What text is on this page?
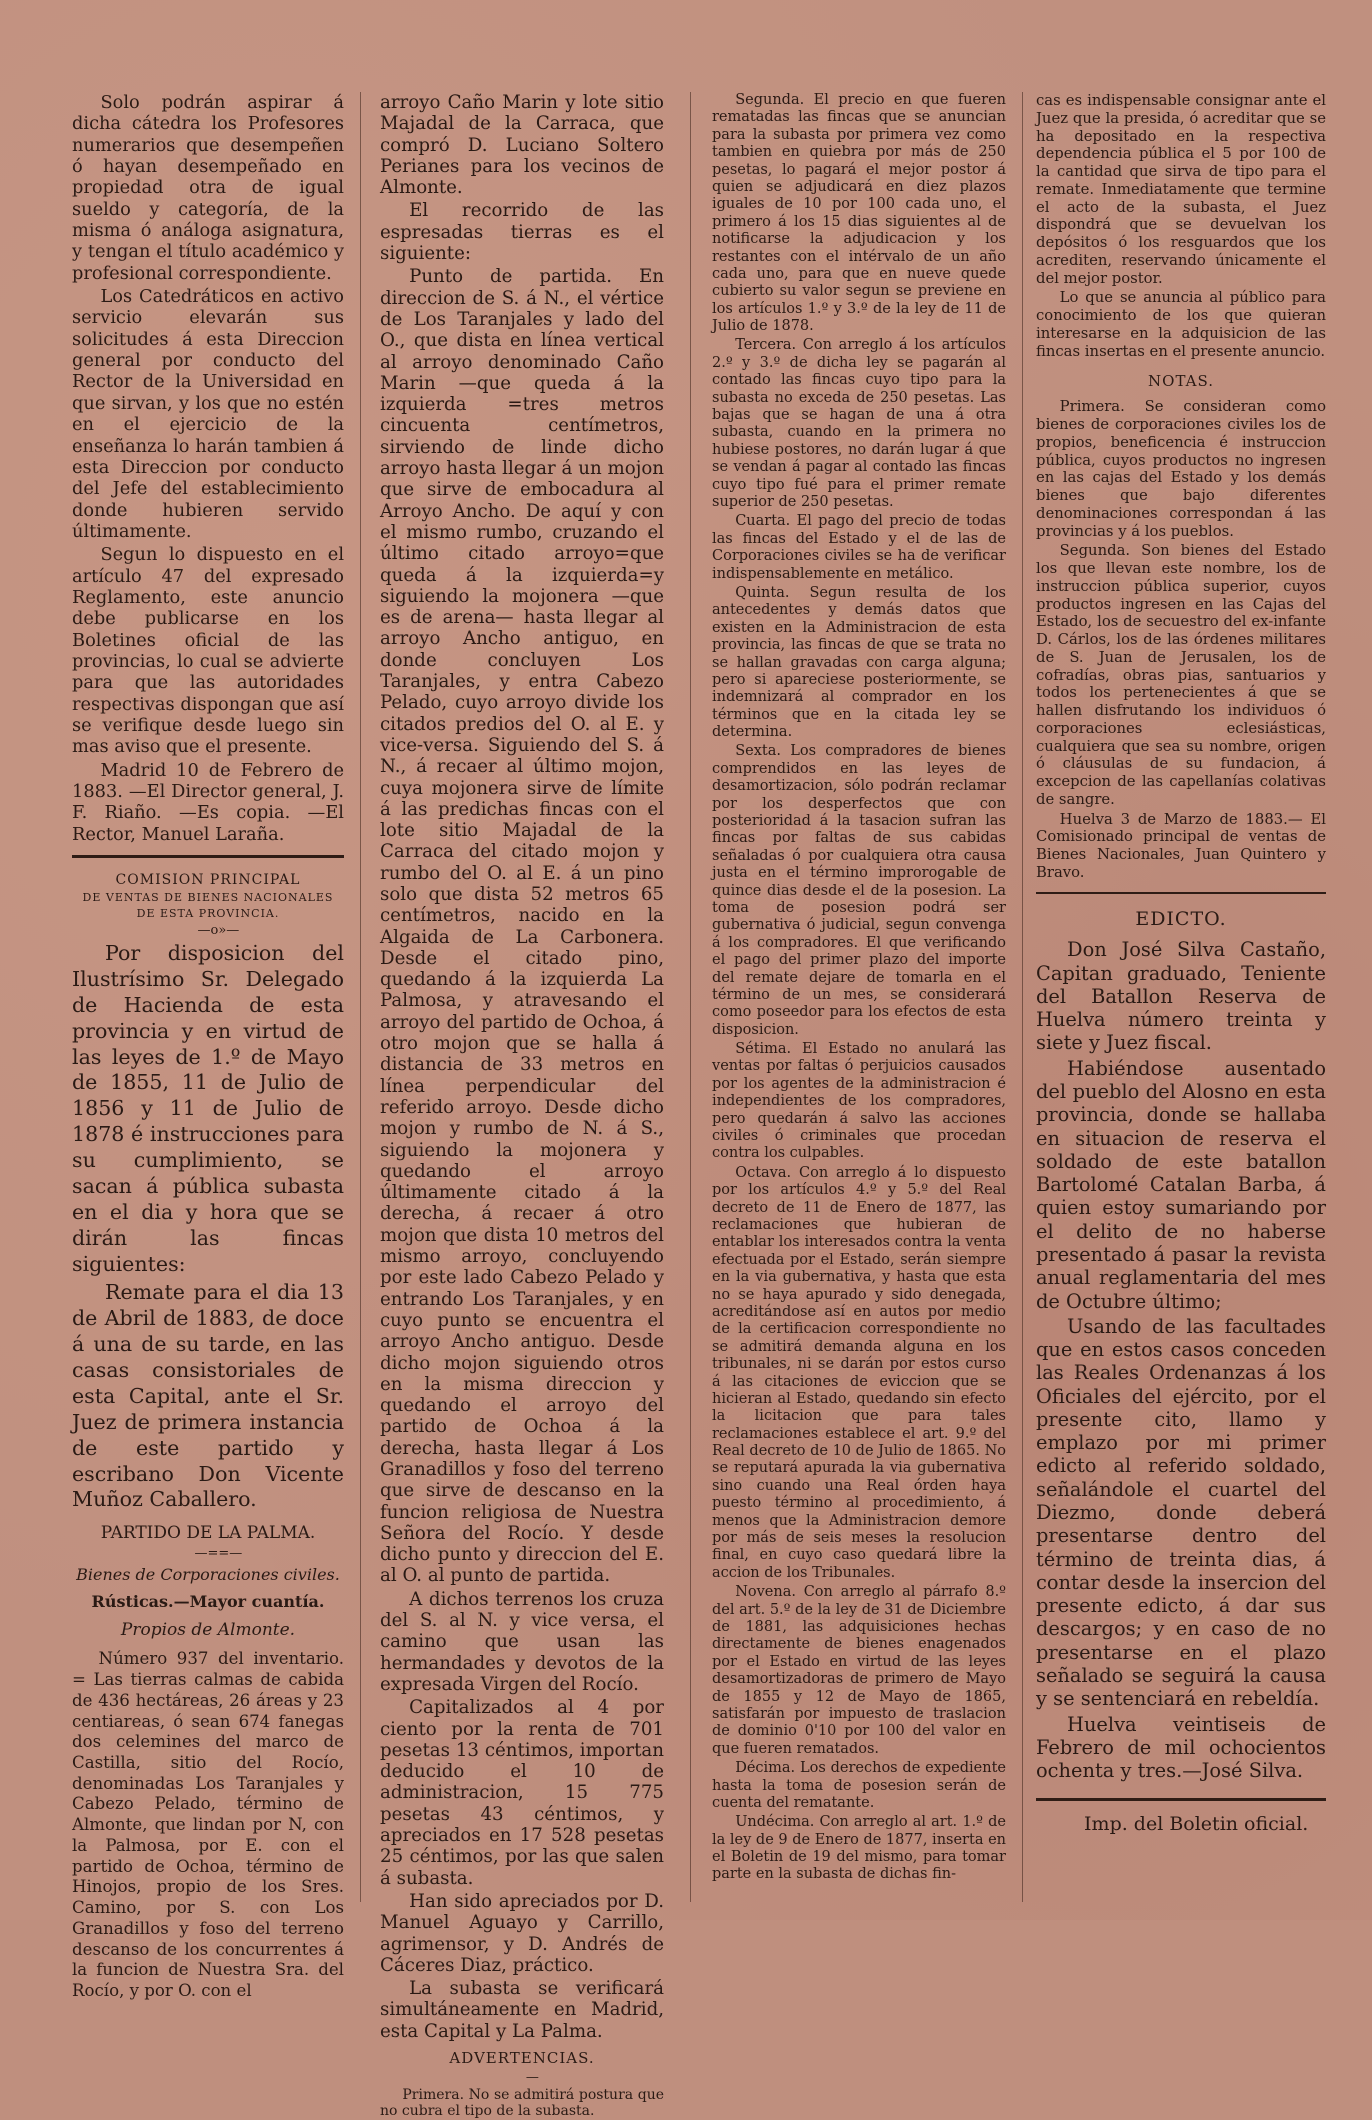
Solo podrán aspirar á dicha cátedra los Profesores numerarios que desempeñen ó hayan desempeñado en propiedad otra de igual sueldo y categoría, de la misma ó análoga asignatura, y tengan el título académico y profesional correspondiente.

Los Catedráticos en activo servicio elevarán sus solicitudes á esta Direccion general por conducto del Rector de la Universidad en que sirvan, y los que no estén en el ejercicio de la enseñanza lo harán tambien á esta Direccion por conducto del Jefe del establecimiento donde hubieren servido últimamente.

Segun lo dispuesto en el artículo 47 del expresado Reglamento, este anuncio debe publicarse en los Boletines oficial de las provincias, lo cual se advierte para que las autoridades respectivas dispongan que así se verifique desde luego sin mas aviso que el presente.

Madrid 10 de Febrero de 1883. —El Director general, J. F. Riaño. —Es copia. —El Rector, Manuel Laraña.

COMISION PRINCIPAL

DE VENTAS DE BIENES NACIONALES

DE ESTA PROVINCIA.

—o»—

Por disposicion del Ilustrísimo Sr. Delegado de Hacienda de esta provincia y en virtud de las leyes de 1.º de Mayo de 1855, 11 de Julio de 1856 y 11 de Julio de 1878 é instrucciones para su cumplimiento, se sacan á pública subasta en el dia y hora que se dirán las fincas siguientes:

Remate para el dia 13 de Abril de 1883, de doce á una de su tarde, en las casas consistoriales de esta Capital, ante el Sr. Juez de primera instancia de este partido y escribano Don Vicente Muñoz Caballero.

PARTIDO DE LA PALMA.

—==—

Bienes de Corporaciones civiles.

Rústicas.—Mayor cuantía.

Propios de Almonte.

Número 937 del inventario. = Las tierras calmas de cabida de 436 hectáreas, 26 áreas y 23 centiareas, ó sean 674 fanegas dos celemines del marco de Castilla, sitio del Rocío, denominadas Los Taranjales y Cabezo Pelado, término de Almonte, que lindan por N, con la Palmosa, por E. con el partido de Ochoa, término de Hinojos, propio de los Sres. Camino, por S. con Los Granadillos y foso del terreno descanso de los concurrentes á la funcion de Nuestra Sra. del Rocío, y por O. con el

arroyo Caño Marin y lote sitio Majadal de la Carraca, que compró D. Luciano Soltero Perianes para los vecinos de Almonte.

El recorrido de las espresadas tierras es el siguiente:

Punto de partida. En direccion de S. á N., el vértice de Los Taranjales y lado del O., que dista en línea vertical al arroyo denominado Caño Marin —que queda á la izquierda =tres metros cincuenta centímetros, sirviendo de linde dicho arroyo hasta llegar á un mojon que sirve de embocadura al Arroyo Ancho. De aquí y con el mismo rumbo, cruzando el último citado arroyo=que queda á la izquierda=y siguiendo la mojonera —que es de arena— hasta llegar al arroyo Ancho antiguo, en donde concluyen Los Taranjales, y entra Cabezo Pelado, cuyo arroyo divide los citados predios del O. al E. y vice-versa. Siguiendo del S. á N., á recaer al último mojon, cuya mojonera sirve de límite á las predichas fincas con el lote sitio Majadal de la Carraca del citado mojon y rumbo del O. al E. á un pino solo que dista 52 metros 65 centímetros, nacido en la Algaida de La Carbonera. Desde el citado pino, quedando á la izquierda La Palmosa, y atravesando el arroyo del partido de Ochoa, á otro mojon que se halla á distancia de 33 metros en línea perpendicular del referido arroyo. Desde dicho mojon y rumbo de N. á S., siguiendo la mojonera y quedando el arroyo últimamente citado á la derecha, á recaer á otro mojon que dista 10 metros del mismo arroyo, concluyendo por este lado Cabezo Pelado y entrando Los Taranjales, y en cuyo punto se encuentra el arroyo Ancho antiguo. Desde dicho mojon siguiendo otros en la misma direccion y quedando el arroyo del partido de Ochoa á la derecha, hasta llegar á Los Granadillos y foso del terreno que sirve de descanso en la funcion religiosa de Nuestra Señora del Rocío. Y desde dicho punto y direccion del E. al O. al punto de partida.

A dichos terrenos los cruza del S. al N. y vice versa, el camino que usan las hermandades y devotos de la expresada Virgen del Rocío.

Capitalizados al 4 por ciento por la renta de 701 pesetas 13 céntimos, importan deducido el 10 de administracion, 15 775 pesetas 43 céntimos, y apreciados en 17 528 pesetas 25 céntimos, por las que salen á subasta.

Han sido apreciados por D. Manuel Aguayo y Carrillo, agrimensor, y D. Andrés de Cáceres Diaz, práctico.

La subasta se verificará simultáneamente en Madrid, esta Capital y La Palma.

ADVERTENCIAS.

—

Primera. No se admitirá postura que no cubra el tipo de la subasta.

Segunda. El precio en que fueren rematadas las fincas que se anuncian para la subasta por primera vez como tambien en quiebra por más de 250 pesetas, lo pagará el mejor postor á quien se adjudicará en diez plazos iguales de 10 por 100 cada uno, el primero á los 15 dias siguientes al de notificarse la adjudicacion y los restantes con el intérvalo de un año cada uno, para que en nueve quede cubierto su valor segun se previene en los artículos 1.º y 3.º de la ley de 11 de Julio de 1878.

Tercera. Con arreglo á los artículos 2.º y 3.º de dicha ley se pagarán al contado las fincas cuyo tipo para la subasta no exceda de 250 pesetas. Las bajas que se hagan de una á otra subasta, cuando en la primera no hubiese postores, no darán lugar á que se vendan á pagar al contado las fincas cuyo tipo fué para el primer remate superior de 250 pesetas.

Cuarta. El pago del precio de todas las fincas del Estado y el de las de Corporaciones civiles se ha de verificar indispensablemente en metálico.

Quinta. Segun resulta de los antecedentes y demás datos que existen en la Administracion de esta provincia, las fincas de que se trata no se hallan gravadas con carga alguna; pero si apareciese posteriormente, se indemnizará al comprador en los términos que en la citada ley se determina.

Sexta. Los compradores de bienes comprendidos en las leyes de desamortizacion, sólo podrán reclamar por los desperfectos que con posterioridad á la tasacion sufran las fincas por faltas de sus cabidas señaladas ó por cualquiera otra causa justa en el término improrogable de quince dias desde el de la posesion. La toma de posesion podrá ser gubernativa ó judicial, segun convenga á los compradores. El que verificando el pago del primer plazo del importe del remate dejare de tomarla en el término de un mes, se considerará como poseedor para los efectos de esta disposicion.

Sétima. El Estado no anulará las ventas por faltas ó perjuicios causados por los agentes de la administracion é independientes de los compradores, pero quedarán á salvo las acciones civiles ó criminales que procedan contra los culpables.

Octava. Con arreglo á lo dispuesto por los artículos 4.º y 5.º del Real decreto de 11 de Enero de 1877, las reclamaciones que hubieran de entablar los interesados contra la venta efectuada por el Estado, serán siempre en la via gubernativa, y hasta que esta no se haya apurado y sido denegada, acreditándose así en autos por medio de la certificacion correspondiente no se admitirá demanda alguna en los tribunales, ni se darán por estos curso á las citaciones de eviccion que se hicieran al Estado, quedando sin efecto la licitacion que para tales reclamaciones establece el art. 9.º del Real decreto de 10 de Julio de 1865. No se reputará apurada la via gubernativa sino cuando una Real órden haya puesto término al procedimiento, á menos que la Administracion demore por más de seis meses la resolucion final, en cuyo caso quedará libre la accion de los Tribunales.

Novena. Con arreglo al párrafo 8.º del art. 5.º de la ley de 31 de Diciembre de 1881, las adquisiciones hechas directamente de bienes enagenados por el Estado en virtud de las leyes desamortizadoras de primero de Mayo de 1855 y 12 de Mayo de 1865, satisfarán por impuesto de traslacion de dominio 0'10 por 100 del valor en que fueren rematados.

Décima. Los derechos de expediente hasta la toma de posesion serán de cuenta del rematante.

Undécima. Con arreglo al art. 1.º de la ley de 9 de Enero de 1877, inserta en el Boletin de 19 del mismo, para tomar parte en la subasta de dichas fin-

cas es indispensable consignar ante el Juez que la presida, ó acreditar que se ha depositado en la respectiva dependencia pública el 5 por 100 de la cantidad que sirva de tipo para el remate. Inmediatamente que termine el acto de la subasta, el Juez dispondrá que se devuelvan los depósitos ó los resguardos que los acrediten, reservando únicamente el del mejor postor.

Lo que se anuncia al público para conocimiento de los que quieran interesarse en la adquisicion de las fincas insertas en el presente anuncio.

NOTAS.

Primera. Se consideran como bienes de corporaciones civiles los de propios, beneficencia é instruccion pública, cuyos productos no ingresen en las cajas del Estado y los demás bienes que bajo diferentes denominaciones correspondan á las provincias y á los pueblos.

Segunda. Son bienes del Estado los que llevan este nombre, los de instruccion pública superior, cuyos productos ingresen en las Cajas del Estado, los de secuestro del ex-infante D. Cárlos, los de las órdenes militares de S. Juan de Jerusalen, los de cofradías, obras pias, santuarios y todos los pertenecientes á que se hallen disfrutando los individuos ó corporaciones eclesiásticas, cualquiera que sea su nombre, origen ó cláusulas de su fundacion, á excepcion de las capellanías colativas de sangre.

Huelva 3 de Marzo de 1883.— El Comisionado principal de ventas de Bienes Nacionales, Juan Quintero y Bravo.

EDICTO.

Don José Silva Castaño, Capitan graduado, Teniente del Batallon Reserva de Huelva número treinta y siete y Juez fiscal.

Habiéndose ausentado del pueblo del Alosno en esta provincia, donde se hallaba en situacion de reserva el soldado de este batallon Bartolomé Catalan Barba, á quien estoy sumariando por el delito de no haberse presentado á pasar la revista anual reglamentaria del mes de Octubre último;

Usando de las facultades que en estos casos conceden las Reales Ordenanzas á los Oficiales del ejército, por el presente cito, llamo y emplazo por mi primer edicto al referido soldado, señalándole el cuartel del Diezmo, donde deberá presentarse dentro del término de treinta dias, á contar desde la insercion del presente edicto, á dar sus descargos; y en caso de no presentarse en el plazo señalado se seguirá la causa y se sentenciará en rebeldía.

Huelva veintiseis de Febrero de mil ochocientos ochenta y tres.—José Silva.

Imp. del Boletin oficial.
